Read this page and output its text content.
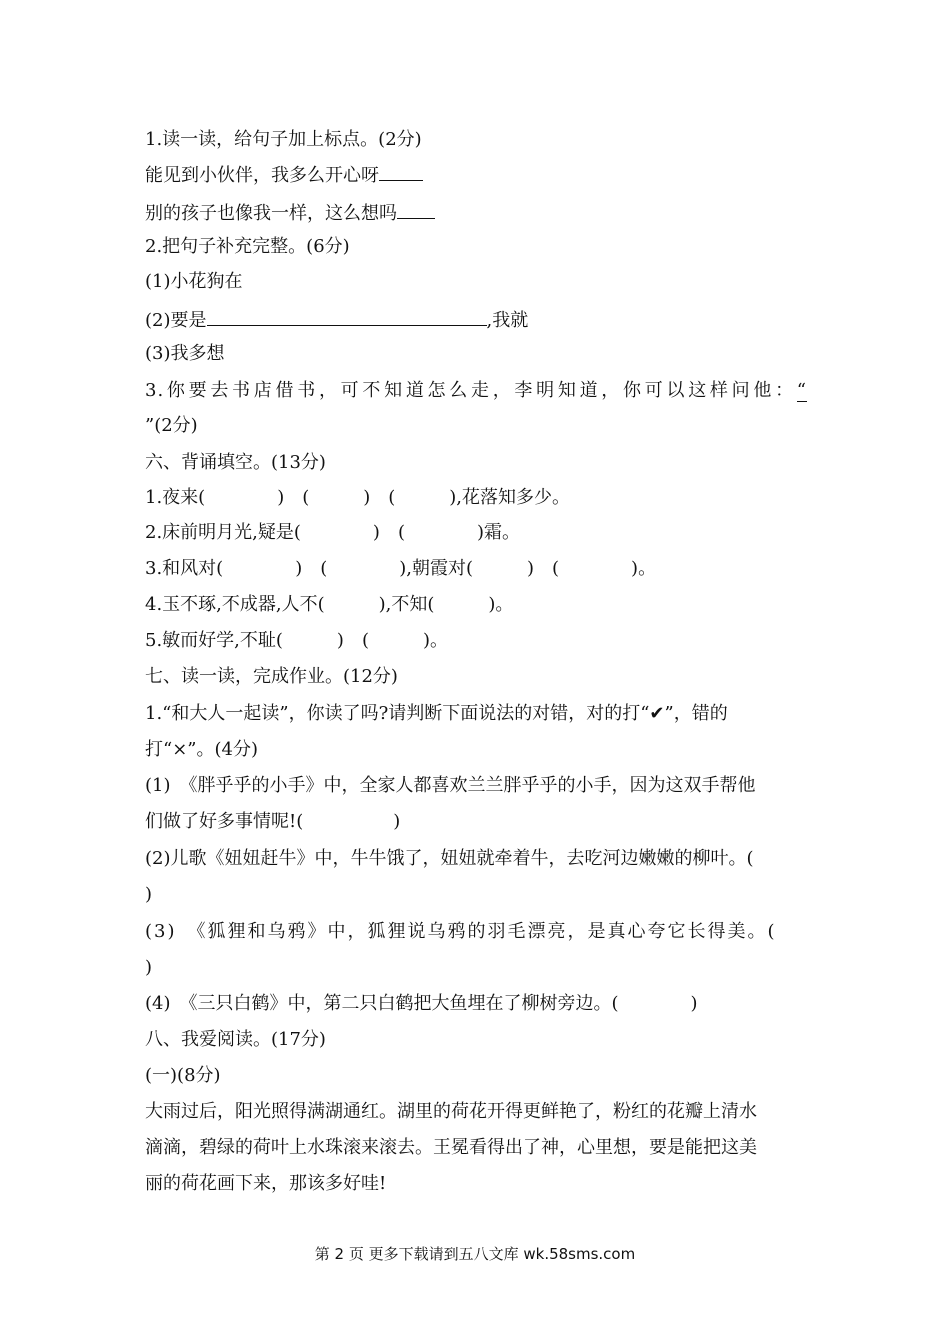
1.读一读，给句子加上标点。(2分)
能见到小伙伴，我多么开心呀
别的孩子也像我一样，这么想吗
2.把句子补充完整。(6分)
(1)小花狗在
(2)要是	,我就
(3)我多想
3.你要去书店借书，可不知道怎么走，李明知道，你可以这样问他：“
”(2分)
六、背诵填空。(13分)
1.夜来(　　　　)　(　　　)　(　　　),花落知多少。
2.床前明月光,疑是(　　　　)　(　　　　)霜。
3.和风对(　　　　)　(　　　　),朝霞对(　　　)　(　　　　)。
4.玉不琢,不成器,人不(　　　),不知(　　　)。
5.敏而好学,不耻(　　　)　(　　　)。
七、读一读，完成作业。(12分)
1.“和大人一起读”，你读了吗?请判断下面说法的对错，对的打“✔”，错的
打“×”。(4分)
(1)　《胖乎乎的小手》中，全家人都喜欢兰兰胖乎乎的小手，因为这双手帮他
们做了好多事情呢!(　　　　　)
(2)儿歌《妞妞赶牛》中，牛牛饿了，妞妞就牵着牛，去吃河边嫩嫩的柳叶。(
)
(3)　《狐狸和乌鸦》中，狐狸说乌鸦的羽毛漂亮，是真心夸它长得美。(
)
(4)　《三只白鹤》中，第二只白鹤把大鱼埋在了柳树旁边。(　　　　)
八、我爱阅读。(17分)
(一)(8分)
大雨过后，阳光照得满湖通红。湖里的荷花开得更鲜艳了，粉红的花瓣上清水
滴滴，碧绿的荷叶上水珠滚来滚去。王冕看得出了神，心里想，要是能把这美
丽的荷花画下来，那该多好哇!
第 2 页 更多下载请到五八文库 wk.58sms.com
